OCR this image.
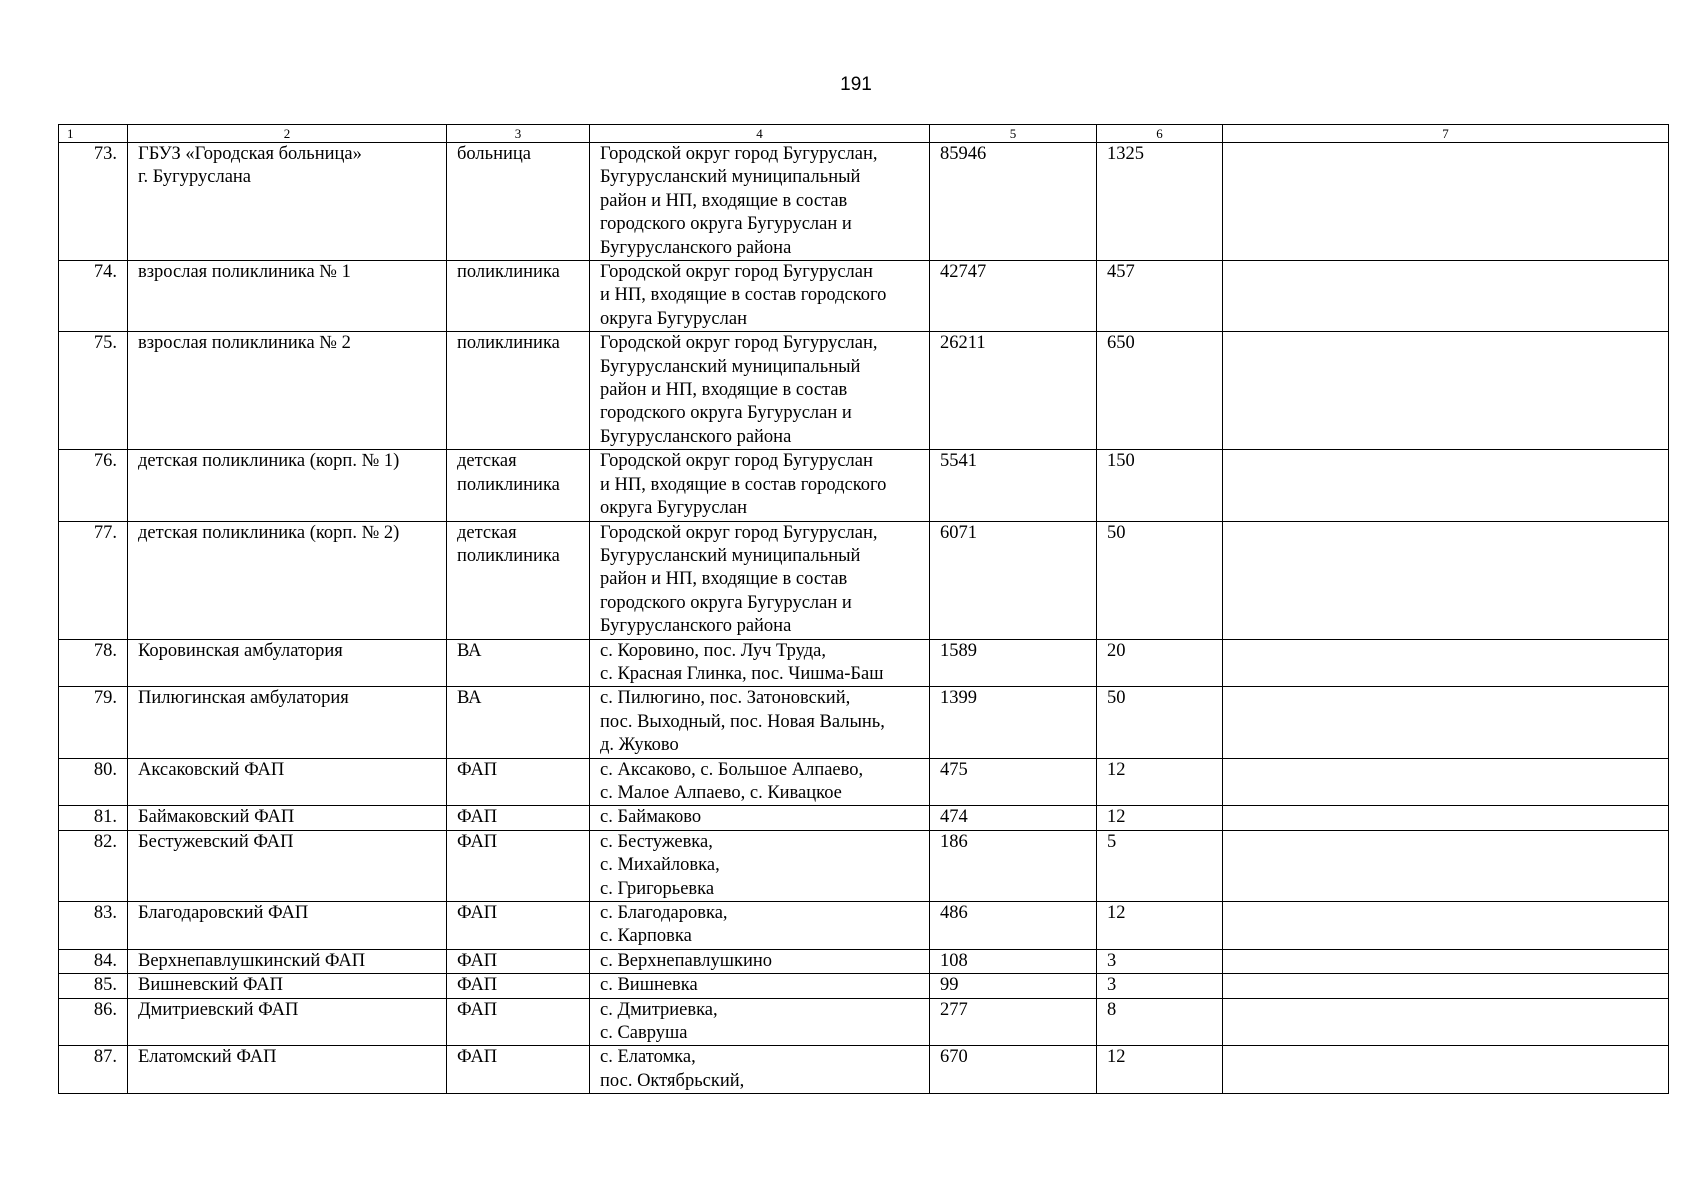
191
1	2	3	4	5	6	7

73.	ГБУЗ «Городская больница»
г. Бугуруслана	больница	Городской округ город Бугуруслан,
Бугурусланский муниципальный
район и НП, входящие в состав
городского округа Бугуруслан и
Бугурусланского района	85946	1325	

74.	взрослая поликлиника № 1	поликлиника	Городской округ город Бугуруслан
и НП, входящие в состав городского
округа Бугуруслан	42747	457	

75.	взрослая поликлиника № 2	поликлиника	Городской округ город Бугуруслан,
Бугурусланский муниципальный
район и НП, входящие в состав
городского округа Бугуруслан и
Бугурусланского района	26211	650	

76.	детская поликлиника (корп. № 1)	детская
поликлиника	Городской округ город Бугуруслан
и НП, входящие в состав городского
округа Бугуруслан	5541	150	

77.	детская поликлиника (корп. № 2)	детская
поликлиника	Городской округ город Бугуруслан,
Бугурусланский муниципальный
район и НП, входящие в состав
городского округа Бугуруслан и
Бугурусланского района	6071	50	

78.	Коровинская амбулатория	ВА	с. Коровино, пос. Луч Труда,
с. Красная Глинка, пос. Чишма-Баш	1589	20	

79.	Пилюгинская амбулатория	ВА	с. Пилюгино, пос. Затоновский,
пос. Выходный, пос. Новая Валынь,
д. Жуково	1399	50	

80.	Аксаковский ФАП	ФАП	с. Аксаково, с. Большое Алпаево,
с. Малое Алпаево, с. Кивацкое	475	12	

81.	Баймаковский ФАП	ФАП	с. Баймаково	474	12	

82.	Бестужевский ФАП	ФАП	с. Бестужевка,
с. Михайловка,
с. Григорьевка	186	5	

83.	Благодаровский ФАП	ФАП	с. Благодаровка,
с. Карповка	486	12	

84.	Верхнепавлушкинский ФАП	ФАП	с. Верхнепавлушкино	108	3	

85.	Вишневский ФАП	ФАП	с. Вишневка	99	3	

86.	Дмитриевский ФАП	ФАП	с. Дмитриевка,
с. Савруша	277	8	

87.	Елатомский ФАП	ФАП	с. Елатомка,
пос. Октябрьский,	670	12	
